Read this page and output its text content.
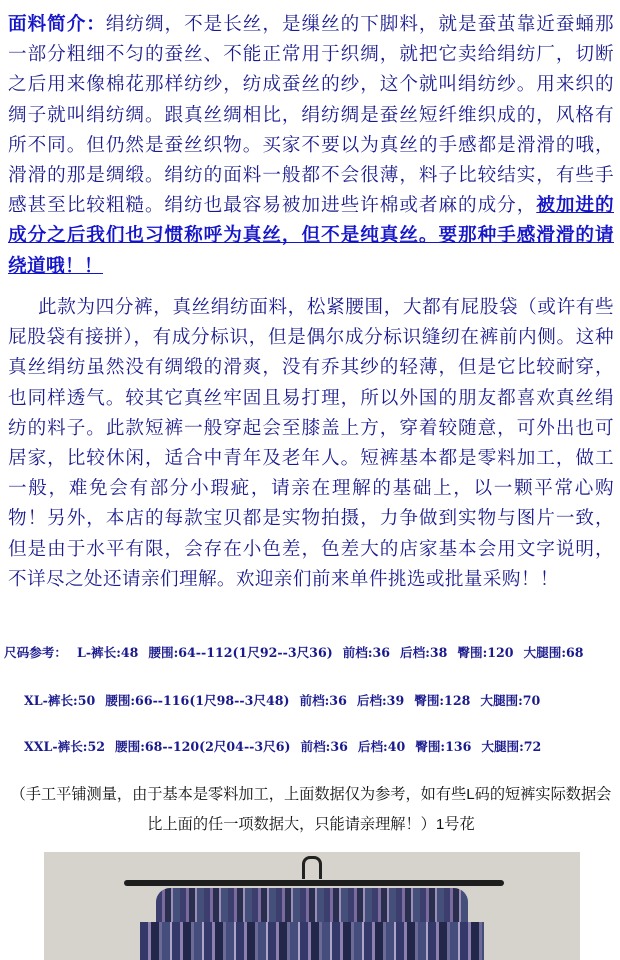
面料简介：绢纺绸，不是长丝，是缫丝的下脚料，就是蚕茧靠近蚕蛹那一部分粗细不匀的蚕丝、不能正常用于织绸，就把它卖给绢纺厂，切断之后用来像棉花那样纺纱，纺成蚕丝的纱，这个就叫绢纺纱。用来织的绸子就叫绢纺绸。跟真丝绸相比，绢纺绸是蚕丝短纤维织成的，风格有所不同。但仍然是蚕丝织物。买家不要以为真丝的手感都是滑滑的哦，滑滑的那是绸缎。绢纺的面料一般都不会很薄，料子比较结实，有些手感甚至比较粗糙。绢纺也最容易被加进些许棉或者麻的成分，被加进的成分之后我们也习惯称呼为真丝，但不是纯真丝。要那种手感滑滑的请绕道哦！！

此款为四分裤，真丝绢纺面料，松紧腰围，大都有屁股袋（或许有些屁股袋有接拼），有成分标识，但是偶尔成分标识缝纫在裤前内侧。这种真丝绢纺虽然没有绸缎的滑爽，没有乔其纱的轻薄，但是它比较耐穿，也同样透气。较其它真丝牢固且易打理，所以外国的朋友都喜欢真丝绢纺的料子。此款短裤一般穿起会至膝盖上方，穿着较随意，可外出也可居家，比较休闲，适合中青年及老年人。短裤基本都是零料加工，做工一般，难免会有部分小瑕疵，请亲在理解的基础上，以一颗平常心购物！另外，本店的每款宝贝都是实物拍摄，力争做到实物与图片一致，但是由于水平有限，会存在小色差，色差大的店家基本会用文字说明，不详尽之处还请亲们理解。欢迎亲们前来单件挑选或批量采购！！

尺码参考： L-裤长:48 腰围:64--112(1尺92--3尺36) 前档:36 后档:38 臀围:120 大腿围:68
XL-裤长:50 腰围:66--116(1尺98--3尺48) 前档:36 后档:39 臀围:128 大腿围:70
XXL-裤长:52 腰围:68--120(2尺04--3尺6) 前档:36 后档:40 臀围:136 大腿围:72

（手工平铺测量，由于基本是零料加工，上面数据仅为参考，如有些L码的短裤实际数据会比上面的任一项数据大，只能请亲理解！）1号花
